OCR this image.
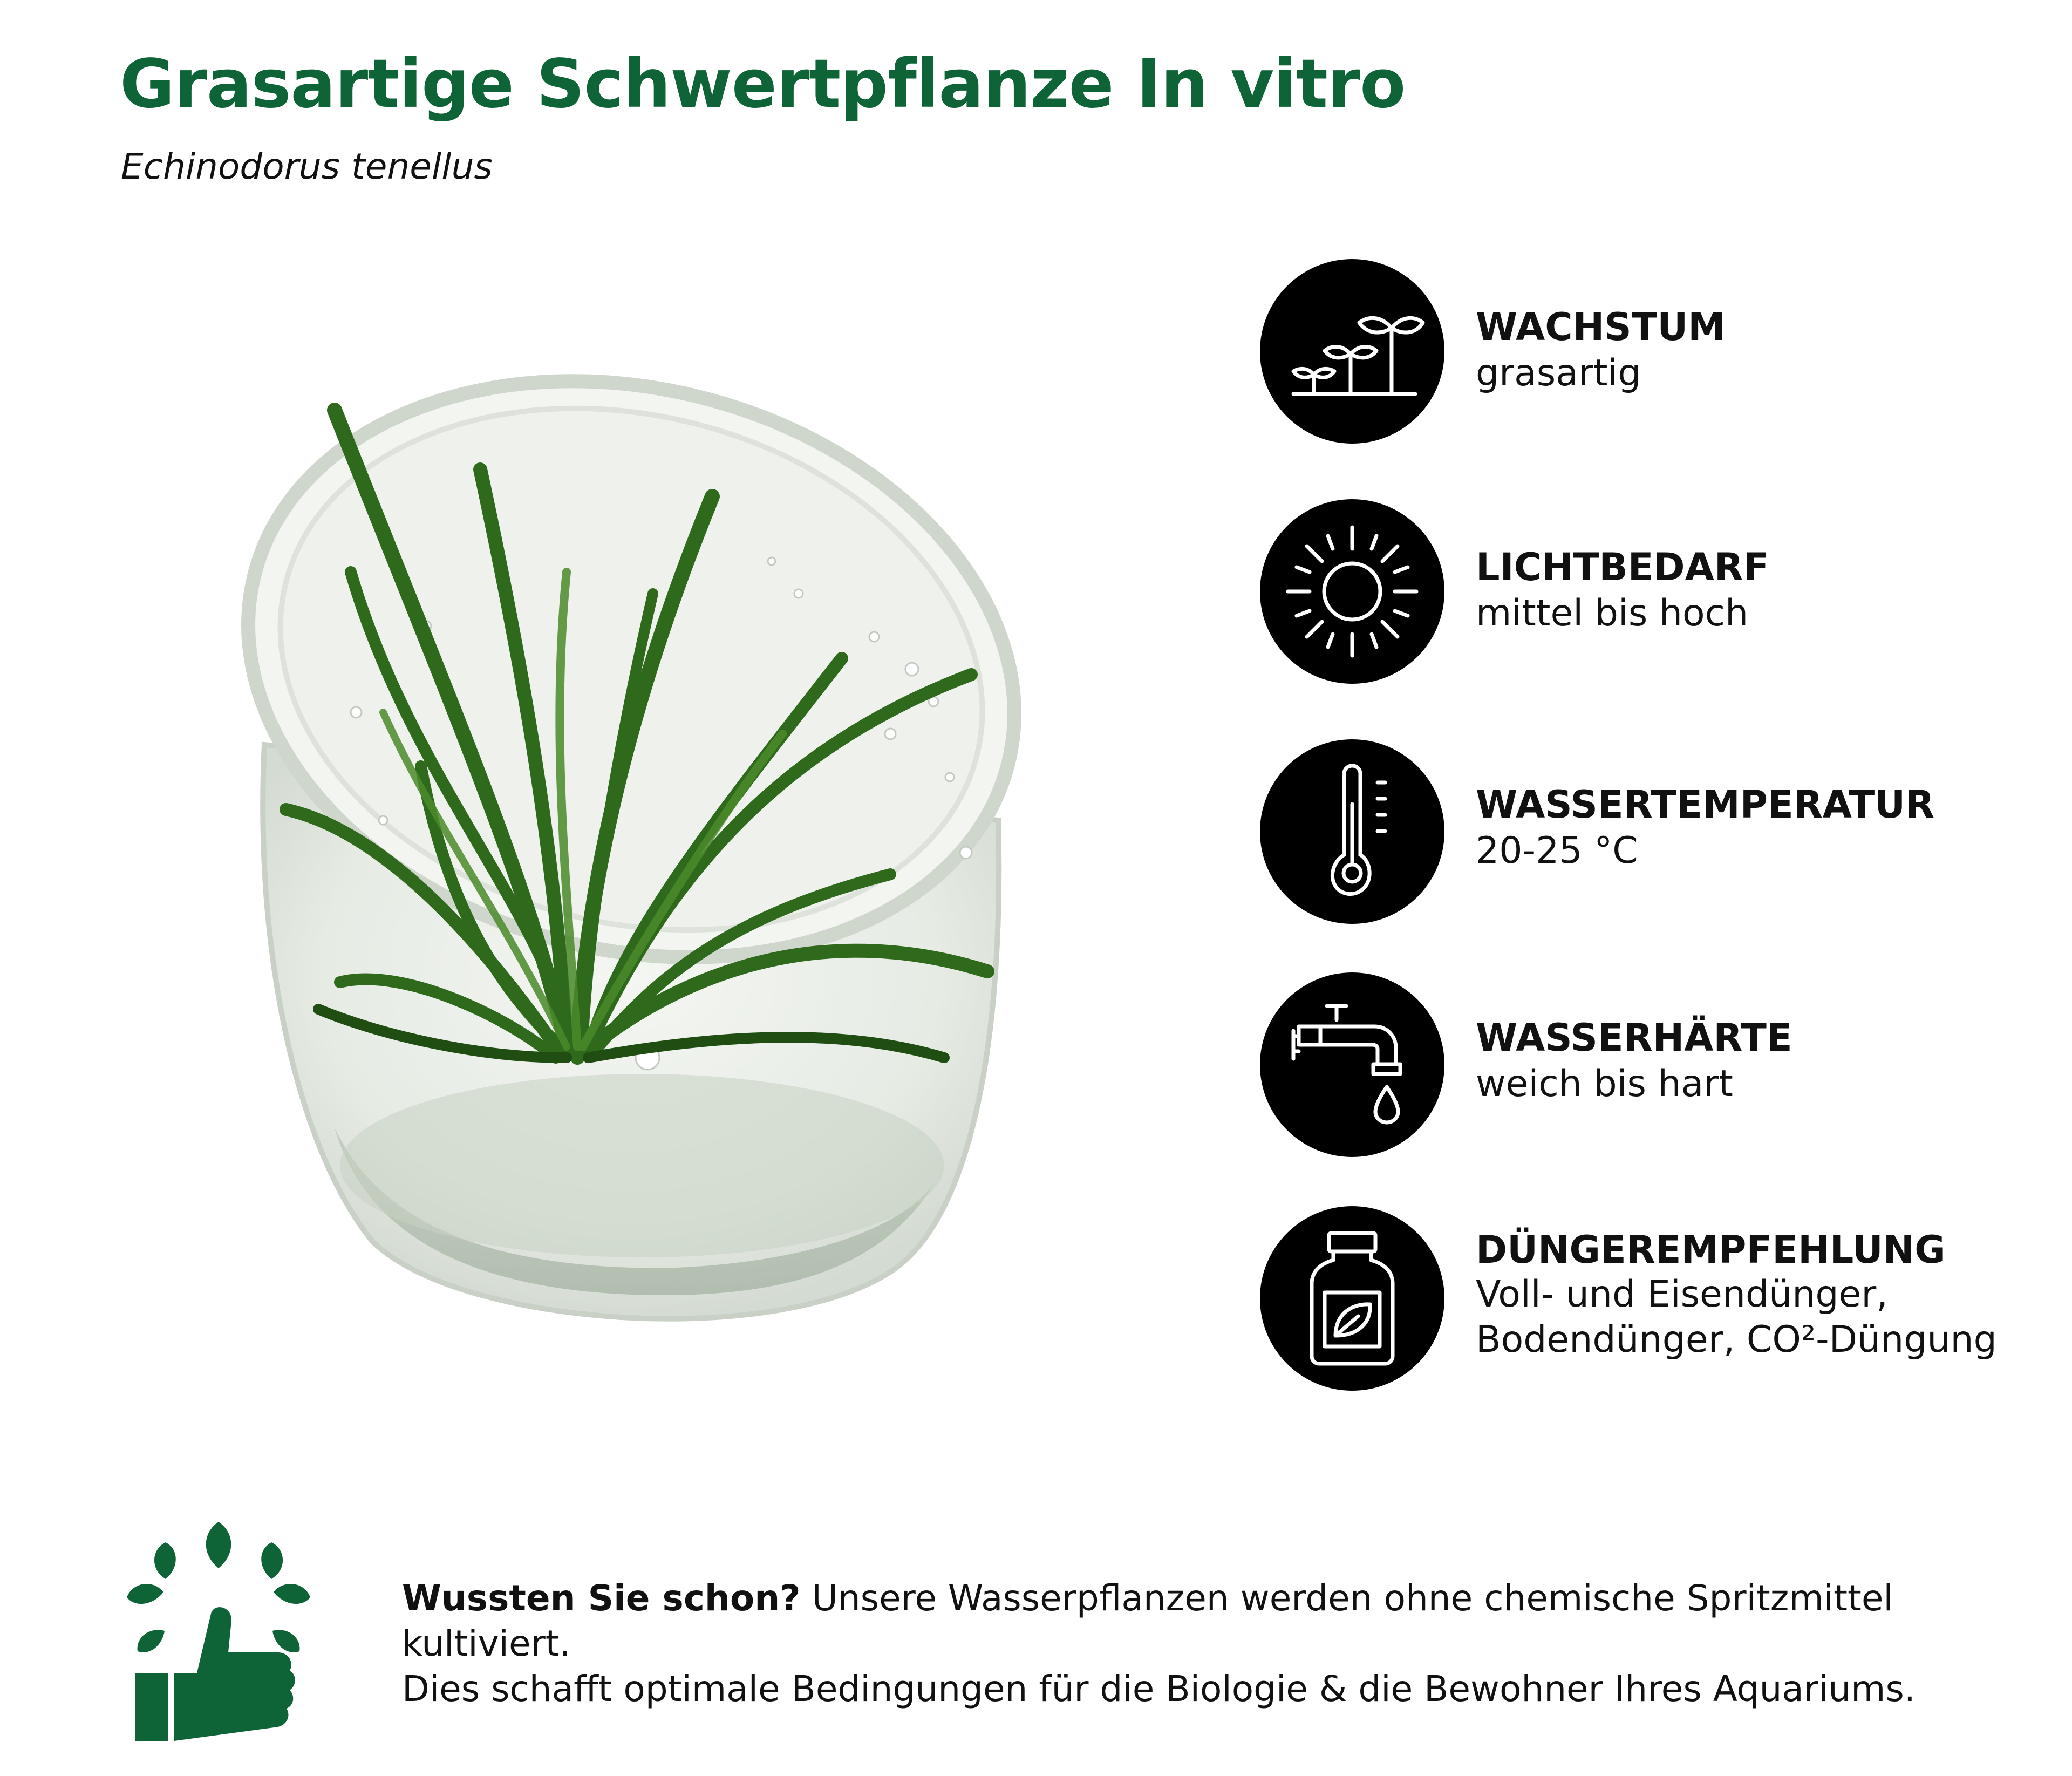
Grasartige Schwertpflanze In vitro
Echinodorus tenellus
WACHSTUM
grasartig
LICHTBEDARF
mittel bis hoch
WASSERTEMPERATUR
20-25 °C
WASSERHÄRTE
weich bis hart
DÜNGEREMPFEHLUNG
Voll- und Eisendünger,
Bodendünger, CO²-Düngung
Wussten Sie schon? Unsere Wasserpflanzen werden ohne chemische Spritzmittel kultiviert.
Dies schafft optimale Bedingungen für die Biologie & die Bewohner Ihres Aquariums.
